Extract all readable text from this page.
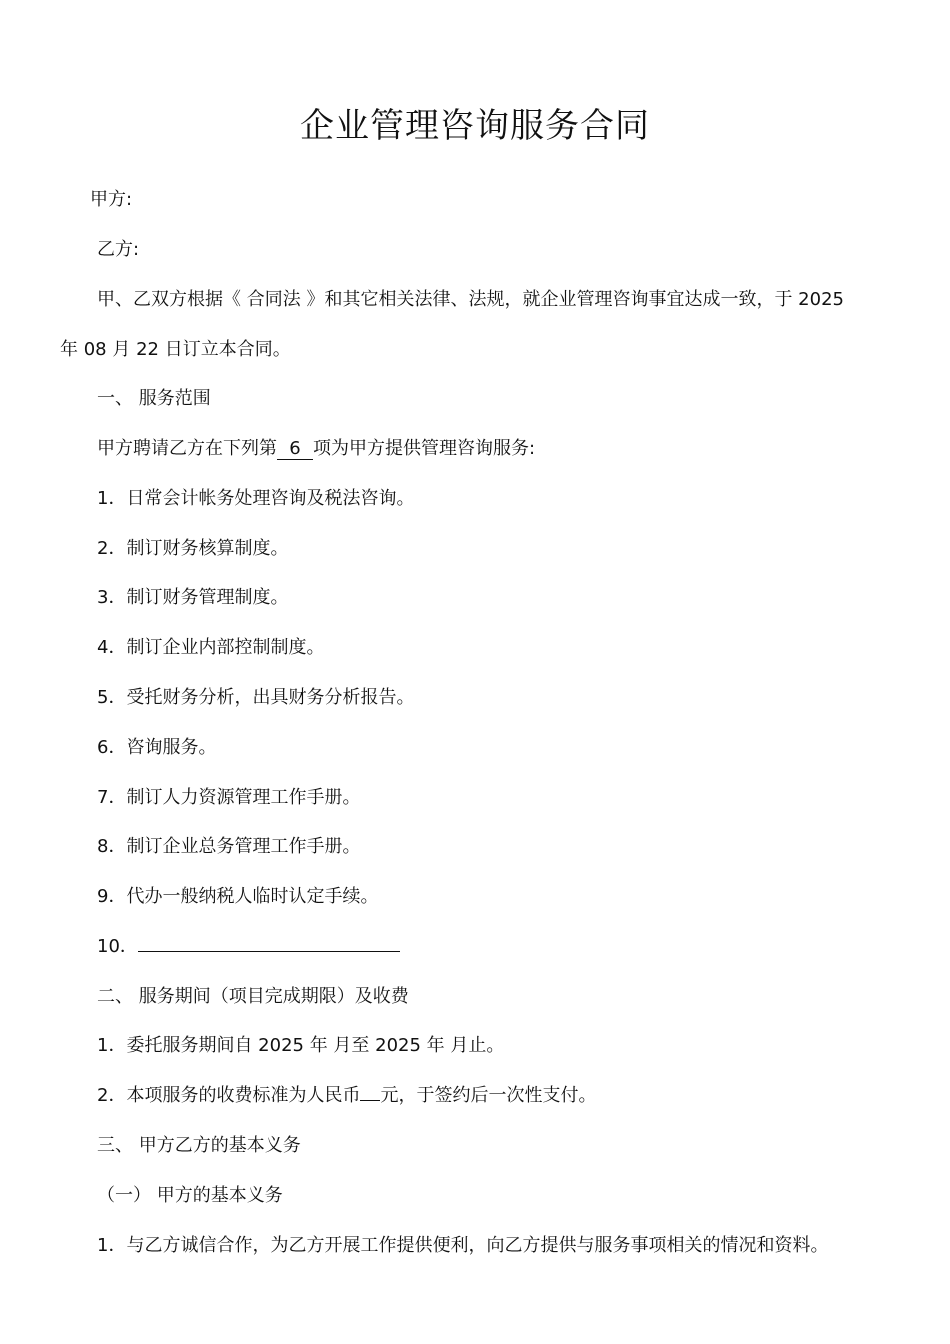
企业管理咨询服务合同

甲方:

乙方:

甲、乙双方根据《 合同法 》和其它相关法律、法规，就企业管理咨询事宜达成一致，于 2025

年 08 月 22 日订立本合同。

一、 服务范围

甲方聘请乙方在下列第 6 项为甲方提供管理咨询服务:

1．日常会计帐务处理咨询及税法咨询。

2．制订财务核算制度。

3．制订财务管理制度。

4．制订企业内部控制制度。

5．受托财务分析，出具财务分析报告。

6．咨询服务。

7．制订人力资源管理工作手册。

8．制订企业总务管理工作手册。

9．代办一般纳税人临时认定手续。

10．

二、 服务期间（项目完成期限）及收费

1．委托服务期间自 2025 年 月至 2025 年 月止。

2．本项服务的收费标准为人民币 元，于签约后一次性支付。

三、 甲方乙方的基本义务

（一） 甲方的基本义务

1．与乙方诚信合作，为乙方开展工作提供便利，向乙方提供与服务事项相关的情况和资料。
